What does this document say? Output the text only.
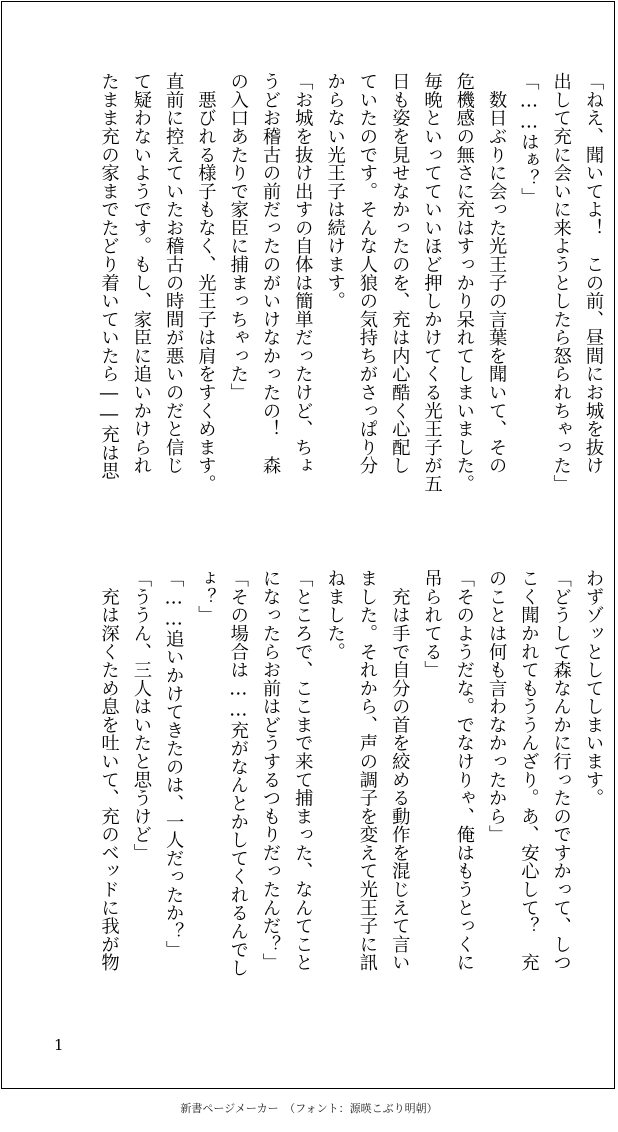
「ねえ、聞いてよ！　この前、昼間にお城を抜け
出して充に会いに来ようとしたら怒られちゃった」
「……はぁ？」
　数日ぶりに会った光王子の言葉を聞いて、その
危機感の無さに充はすっかり呆れてしまいました。
毎晩といってていいほど押しかけてくる光王子が五
日も姿を見せなかったのを、充は内心酷く心配し
ていたのです。そんな人狼の気持ちがさっぱり分
からない光王子は続けます。
「お城を抜け出すの自体は簡単だったけど、ちょ
うどお稽古の前だったのがいけなかったの！　森
の入口あたりで家臣に捕まっちゃった」
　悪びれる様子もなく、光王子は肩をすくめます。
直前に控えていたお稽古の時間が悪いのだと信じ
て疑わないようです。もし、家臣に追いかけられ
たまま充の家までたどり着いていたら――充は思
わずゾッとしてしまいます。
「どうして森なんかに行ったのですかって、しつ
こく聞かれてもううんざり。あ、安心して？　充
のことは何も言わなかったから」
「そのようだな。でなけりゃ、俺はもうとっくに
吊られてる」
　充は手で自分の首を絞める動作を混じえて言い
ました。それから、声の調子を変えて光王子に訊
ねました。
「ところで、ここまで来て捕まった、なんてこと
になったらお前はどうするつもりだったんだ？」
「その場合は……充がなんとかしてくれるんでし
ょ？」
「……追いかけてきたのは、一人だったか？」
「ううん、三人はいたと思うけど」
　充は深くため息を吐いて、充のベッドに我が物
1
新書ページメーカー　（フォント：源暎こぶり明朝）
